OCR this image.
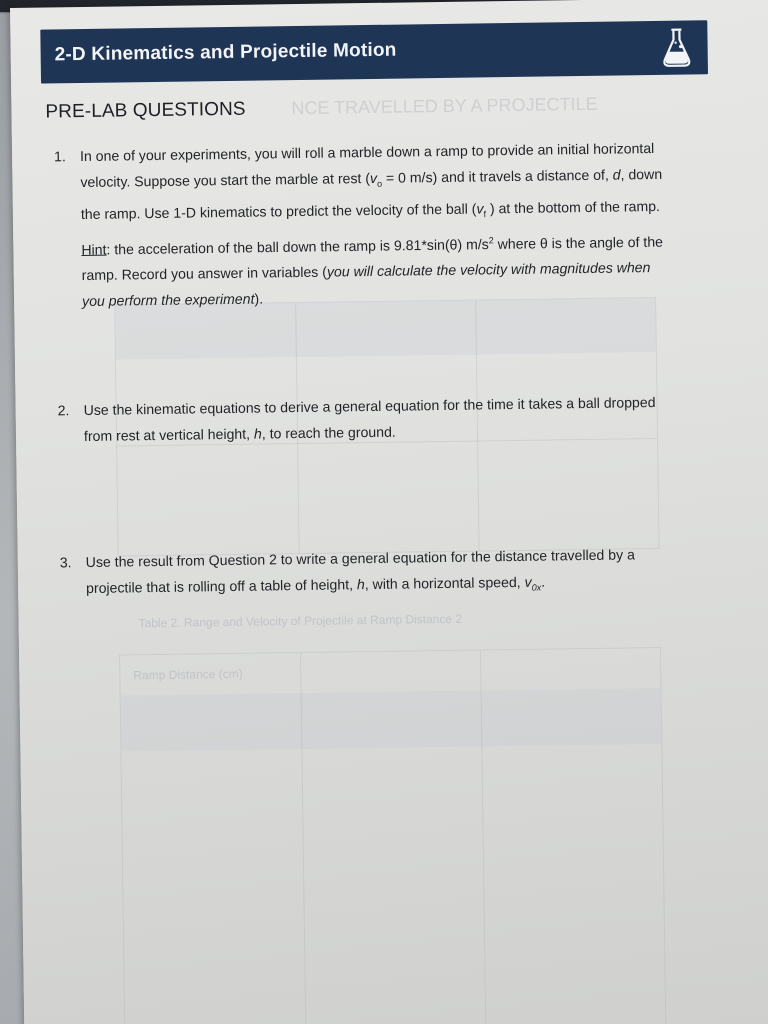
Table 2. Range and Velocity of Projectile at Ramp Distance 2
Ramp Distance (cm)
2-D Kinematics and Projectile Motion
PRE-LAB QUESTIONS	NCE TRAVELLED BY A PROJECTILE
1. In one of your experiments, you will roll a marble down a ramp to provide an initial horizontal
velocity. Suppose you start the marble at rest ($v_o = 0$ m/s) and it travels a distance of, d, down
the ramp. Use 1-D kinematics to predict the velocity of the ball ($v_f$ ) at the bottom of the ramp.
Hint: the acceleration of the ball down the ramp is 9.81*sin(θ) $m/s^2$ where θ is the angle of the
ramp. Record you answer in variables (you will calculate the velocity with magnitudes when
you perform the experiment).
2. Use the kinematic equations to derive a general equation for the time it takes a ball dropped
from rest at vertical height, h, to reach the ground.
3. Use the result from Question 2 to write a general equation for the distance travelled by a
projectile that is rolling off a table of height, h, with a horizontal speed, $v_{0x}$.
